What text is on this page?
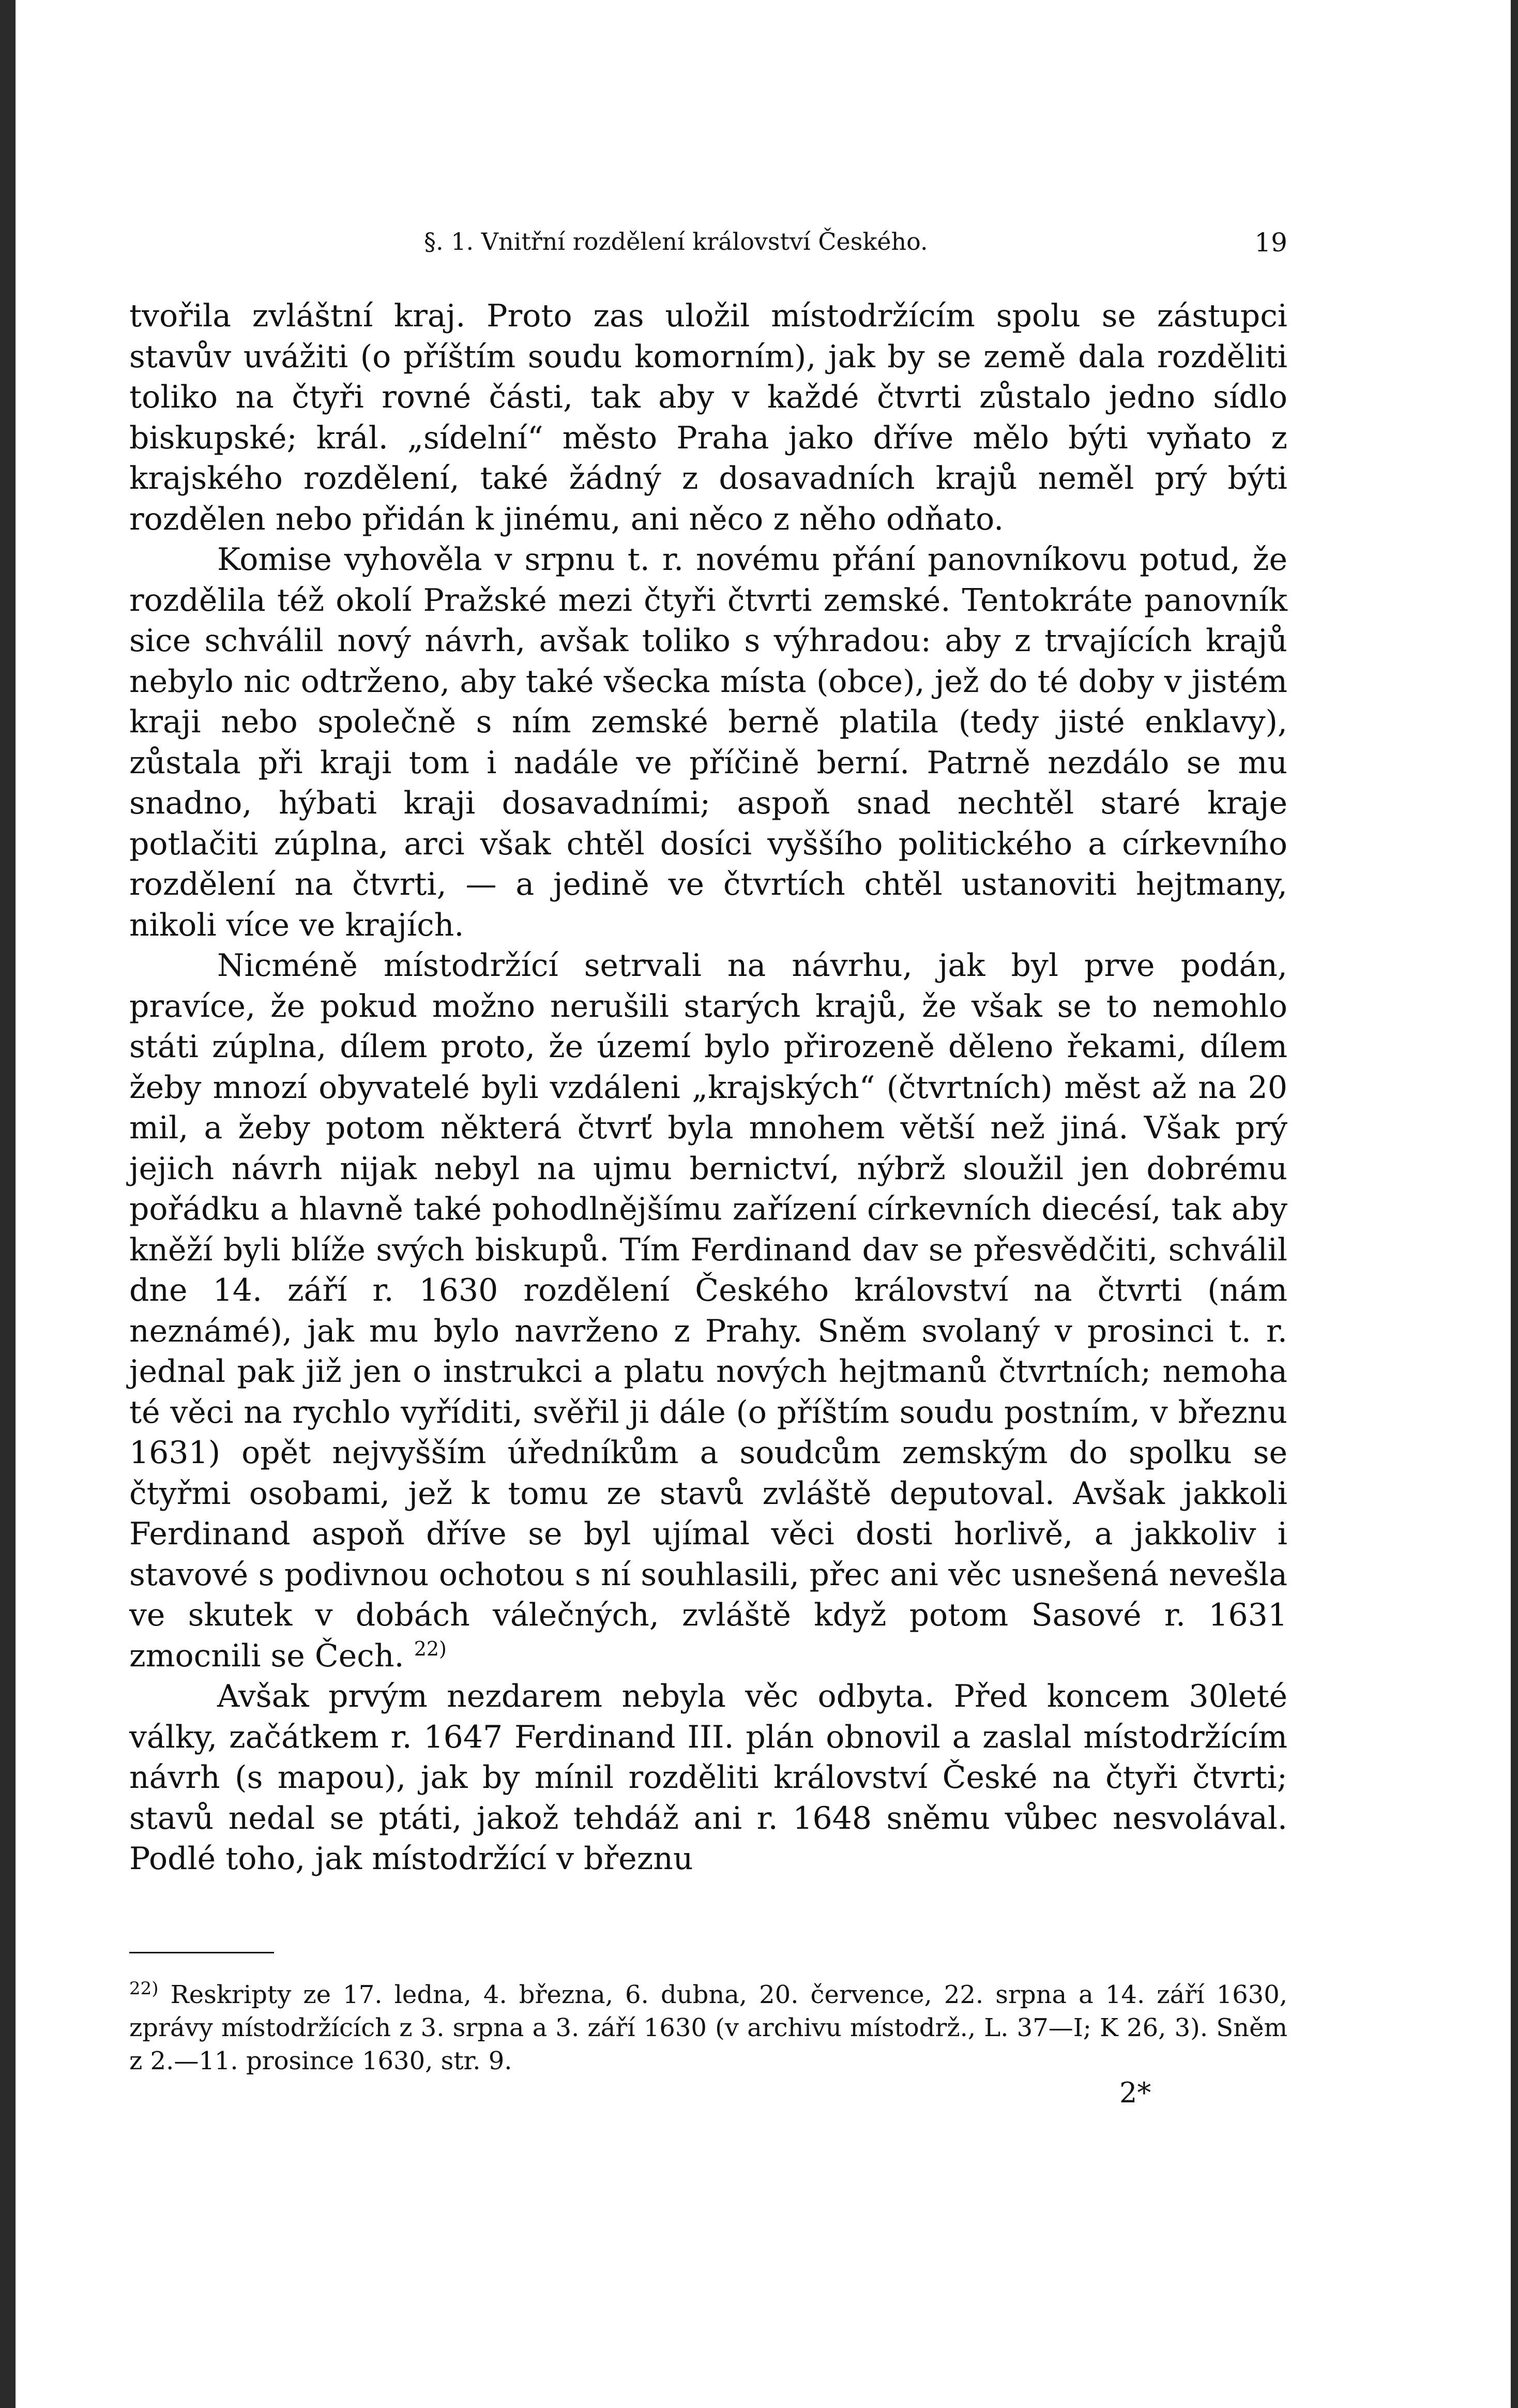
§. 1. Vnitřní rozdělení království Českého.	19

tvořila zvláštní kraj. Proto zas uložil místodržícím spolu se zástupci stavův uvážiti (o příštím soudu komorním), jak by se země dala rozděliti toliko na čtyři rovné části, tak aby v každé čtvrti zůstalo jedno sídlo biskupské; král. „sídelní“ město Praha jako dříve mělo býti vyňato z krajského rozdělení, také žádný z dosavadních krajů neměl prý býti rozdělen nebo přidán k jinému, ani něco z něho odňato.

Komise vyhověla v srpnu t. r. novému přání panovníkovu potud, že rozdělila též okolí Pražské mezi čtyři čtvrti zemské. Tentokráte panovník sice schválil nový návrh, avšak toliko s výhradou: aby z trvajících krajů nebylo nic odtrženo, aby také všecka místa (obce), jež do té doby v jistém kraji nebo společně s ním zemské berně platila (tedy jisté enklavy), zůstala při kraji tom i nadále ve příčině berní. Patrně nezdálo se mu snadno, hýbati kraji dosavadními; aspoň snad nechtěl staré kraje potlačiti zúplna, arci však chtěl dosíci vyššího politického a církevního rozdělení na čtvrti, — a jedině ve čtvrtích chtěl ustanoviti hejtmany, nikoli více ve krajích.

Nicméně místodržící setrvali na návrhu, jak byl prve podán, pravíce, že pokud možno nerušili starých krajů, že však se to nemohlo státi zúplna, dílem proto, že území bylo přirozeně děleno řekami, dílem žeby mnozí obyvatelé byli vzdáleni „krajských“ (čtvrtních) měst až na 20 mil, a žeby potom některá čtvrť byla mnohem větší než jiná. Však prý jejich návrh nijak nebyl na ujmu bernictví, nýbrž sloužil jen dobrému pořádku a hlavně také pohodlnějšímu zařízení církevních diecésí, tak aby kněží byli blíže svých biskupů. Tím Ferdinand dav se přesvědčiti, schválil dne 14. září r. 1630 rozdělení Českého království na čtvrti (nám neznámé), jak mu bylo navrženo z Prahy. Sněm svolaný v prosinci t. r. jednal pak již jen o instrukci a platu nových hejtmanů čtvrtních; nemoha té věci na rychlo vyříditi, svěřil ji dále (o příštím soudu postním, v březnu 1631) opět nejvyšším úředníkům a soudcům zemským do spolku se čtyřmi osobami, jež k tomu ze stavů zvláště deputoval. Avšak jakkoli Ferdinand aspoň dříve se byl ujímal věci dosti horlivě, a jakkoliv i stavové s podivnou ochotou s ní souhlasili, přec ani věc usnešená nevešla ve skutek v dobách válečných, zvláště když potom Sasové r. 1631 zmocnili se Čech. $^{22)}$

Avšak prvým nezdarem nebyla věc odbyta. Před koncem 30leté války, začátkem r. 1647 Ferdinand III. plán obnovil a zaslal místodržícím návrh (s mapou), jak by mínil rozděliti království České na čtyři čtvrti; stavů nedal se ptáti, jakož tehdáž ani r. 1648 sněmu vůbec nesvolával. Podlé toho, jak místodržící v březnu

$^{22)}$ Reskripty ze 17. ledna, 4. března, 6. dubna, 20. července, 22. srpna a 14. září 1630, zprávy místodržících z 3. srpna a 3. září 1630 (v archivu místodrž., L. 37—I; K 26, 3). Sněm z 2.—11. prosince 1630, str. 9.
2*
